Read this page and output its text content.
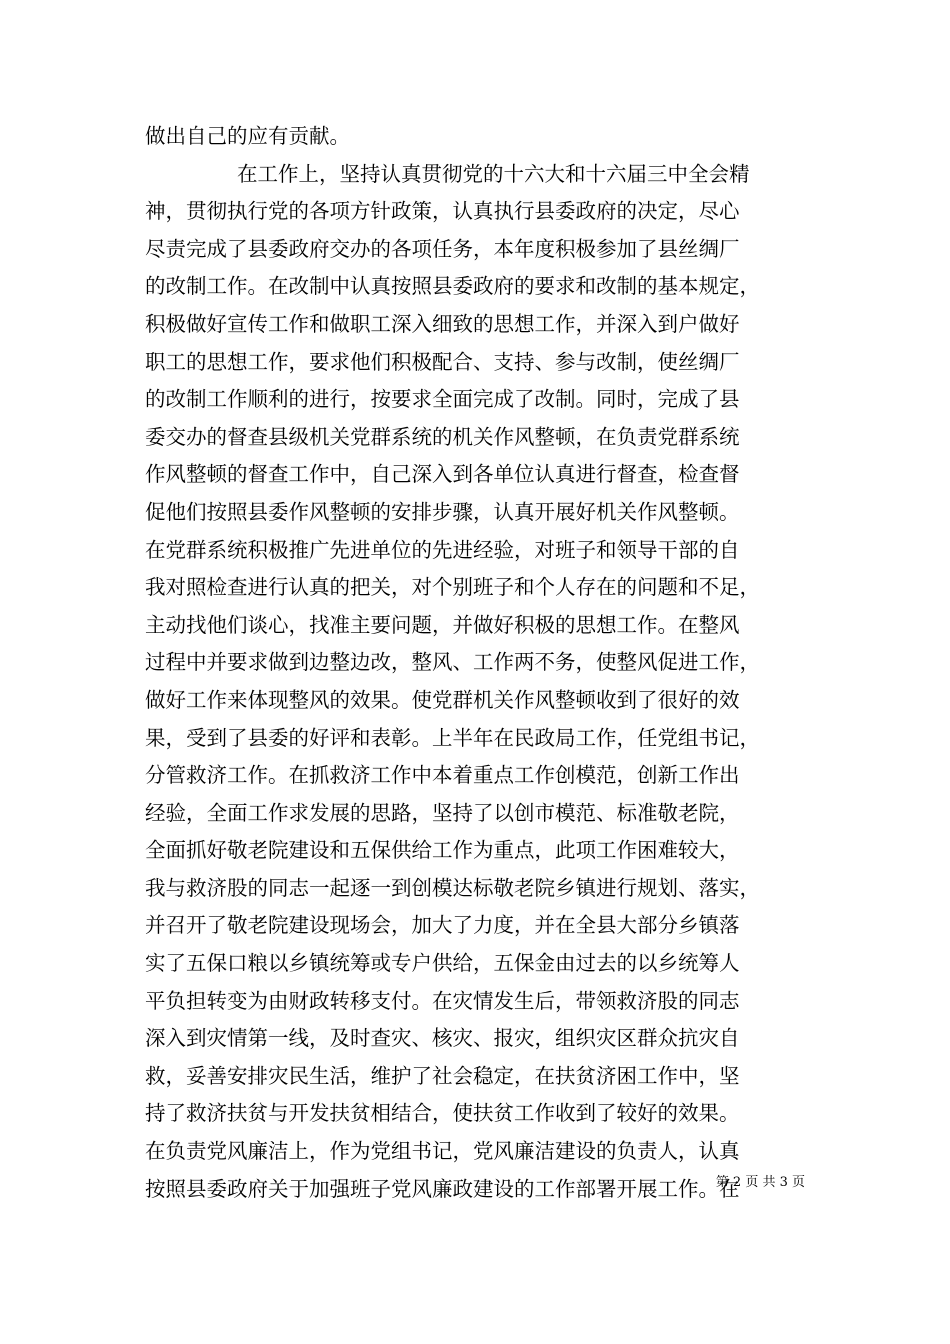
做出自己的应有贡献。
在工作上，坚持认真贯彻党的十六大和十六届三中全会精
神，贯彻执行党的各项方针政策，认真执行县委政府的决定，尽心
尽责完成了县委政府交办的各项任务，本年度积极参加了县丝绸厂
的改制工作。在改制中认真按照县委政府的要求和改制的基本规定，
积极做好宣传工作和做职工深入细致的思想工作，并深入到户做好
职工的思想工作，要求他们积极配合、支持、参与改制，使丝绸厂
的改制工作顺利的进行，按要求全面完成了改制。同时，完成了县
委交办的督查县级机关党群系统的机关作风整顿，在负责党群系统
作风整顿的督查工作中，自己深入到各单位认真进行督查，检查督
促他们按照县委作风整顿的安排步骤，认真开展好机关作风整顿。
在党群系统积极推广先进单位的先进经验，对班子和领导干部的自
我对照检查进行认真的把关，对个别班子和个人存在的问题和不足，
主动找他们谈心，找准主要问题，并做好积极的思想工作。在整风
过程中并要求做到边整边改，整风、工作两不务，使整风促进工作，
做好工作来体现整风的效果。使党群机关作风整顿收到了很好的效
果，受到了县委的好评和表彰。上半年在民政局工作，任党组书记，
分管救济工作。在抓救济工作中本着重点工作创模范，创新工作出
经验，全面工作求发展的思路，坚持了以创市模范、标准敬老院，
全面抓好敬老院建设和五保供给工作为重点，此项工作困难较大，
我与救济股的同志一起逐一到创模达标敬老院乡镇进行规划、落实，
并召开了敬老院建设现场会，加大了力度，并在全县大部分乡镇落
实了五保口粮以乡镇统筹或专户供给，五保金由过去的以乡统筹人
平负担转变为由财政转移支付。在灾情发生后，带领救济股的同志
深入到灾情第一线，及时查灾、核灾、报灾，组织灾区群众抗灾自
救，妥善安排灾民生活，维护了社会稳定，在扶贫济困工作中，坚
持了救济扶贫与开发扶贫相结合，使扶贫工作收到了较好的效果。
在负责党风廉洁上，作为党组书记，党风廉洁建设的负责人，认真
按照县委政府关于加强班子党风廉政建设的工作部署开展工作。在
第 2 页 共 3 页
